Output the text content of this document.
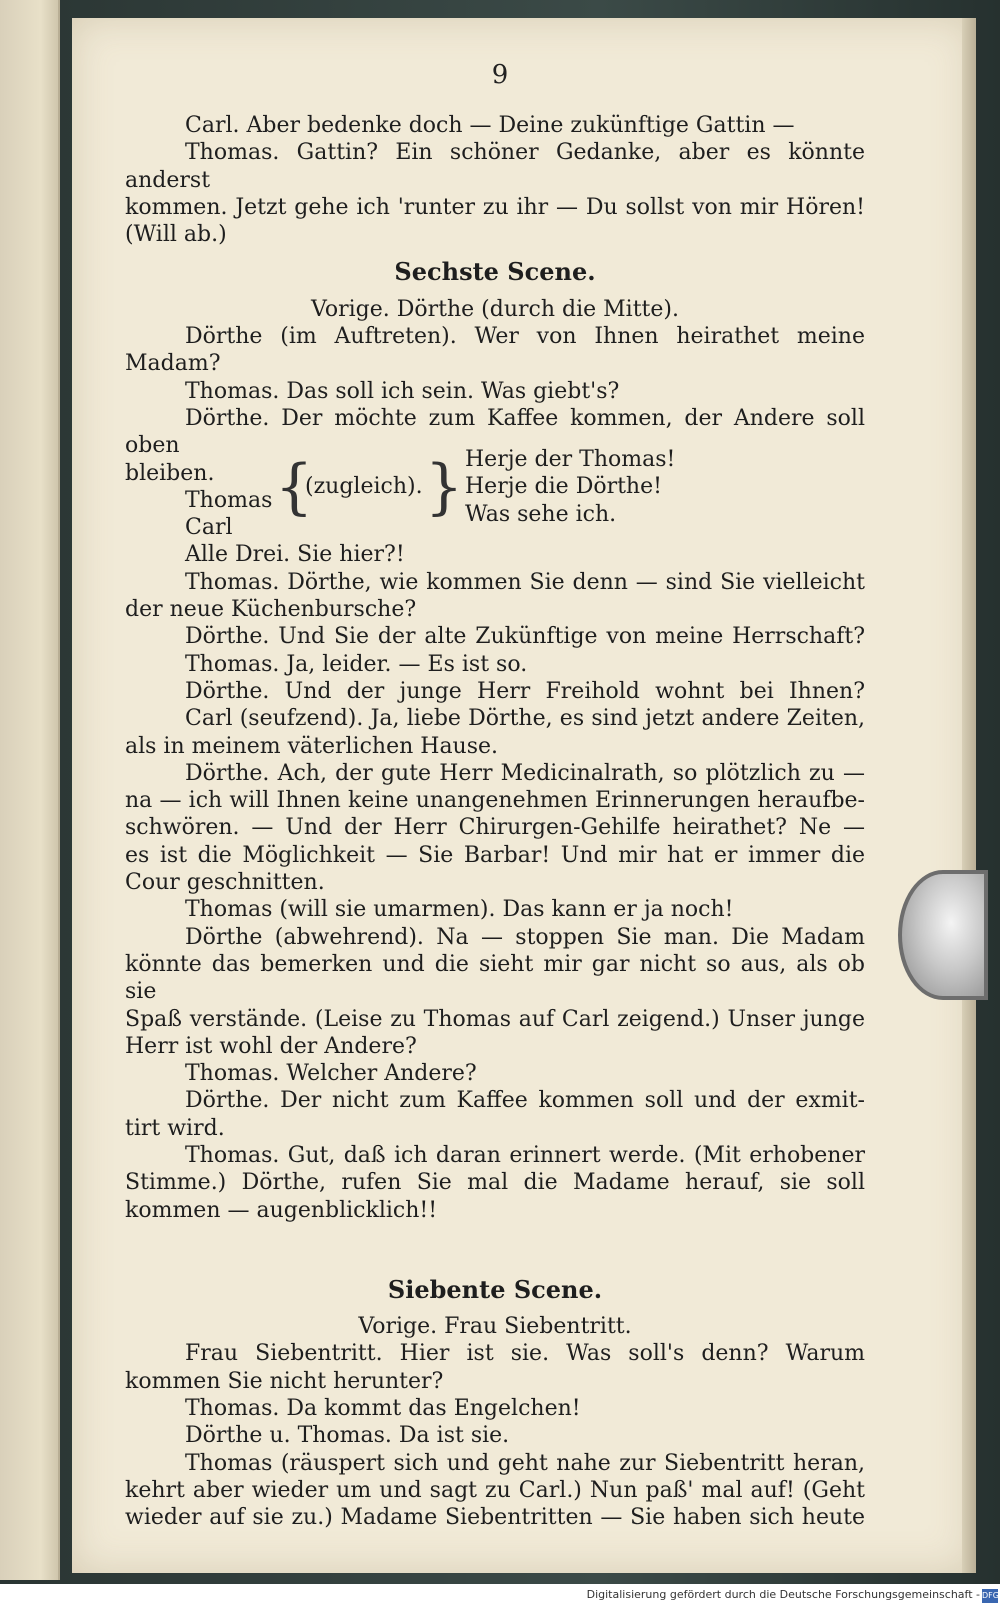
9

Carl. Aber bedenke doch — Deine zukünftige Gattin —

Thomas. Gattin? Ein schöner Gedanke, aber es könnte anderst

kommen. Jetzt gehe ich 'runter zu ihr — Du sollst von mir Hören!

(Will ab.)

Sechste Scene.

Vorige. Dörthe (durch die Mitte).

Dörthe (im Auftreten). Wer von Ihnen heirathet meine

Madam?

Thomas. Das soll ich sein. Was giebt's?

Dörthe. Der möchte zum Kaffee kommen, der Andere soll

oben bleiben.
Thomas
Carl
{
(zugleich). } Herje der Thomas!
Herje die Dörthe!
Was sehe ich.

Alle Drei. Sie hier?!

Thomas. Dörthe, wie kommen Sie denn — sind Sie vielleicht

der neue Küchenbursche?

Dörthe. Und Sie der alte Zukünftige von meine Herrschaft?

Thomas. Ja, leider. — Es ist so.

Dörthe. Und der junge Herr Freihold wohnt bei Ihnen?

Carl (seufzend). Ja, liebe Dörthe, es sind jetzt andere Zeiten,

als in meinem väterlichen Hause.

Dörthe. Ach, der gute Herr Medicinalrath, so plötzlich zu —

na — ich will Ihnen keine unangenehmen Erinnerungen heraufbe-

schwören. — Und der Herr Chirurgen-Gehilfe heirathet? Ne —

es ist die Möglichkeit — Sie Barbar! Und mir hat er immer die

Cour geschnitten.

Thomas (will sie umarmen). Das kann er ja noch!

Dörthe (abwehrend). Na — stoppen Sie man. Die Madam

könnte das bemerken und die sieht mir gar nicht so aus, als ob sie

Spaß verstände. (Leise zu Thomas auf Carl zeigend.) Unser junge

Herr ist wohl der Andere?

Thomas. Welcher Andere?

Dörthe. Der nicht zum Kaffee kommen soll und der exmit-

tirt wird.

Thomas. Gut, daß ich daran erinnert werde. (Mit erhobener

Stimme.) Dörthe, rufen Sie mal die Madame herauf, sie soll

kommen — augenblicklich!!

Siebente Scene.

Vorige. Frau Siebentritt.

Frau Siebentritt. Hier ist sie. Was soll's denn? Warum

kommen Sie nicht herunter?

Thomas. Da kommt das Engelchen!

Dörthe u. Thomas. Da ist sie.

Thomas (räuspert sich und geht nahe zur Siebentritt heran,

kehrt aber wieder um und sagt zu Carl.) Nun paß' mal auf! (Geht

wieder auf sie zu.) Madame Siebentritten — Sie haben sich heute

Digitalisierung gefördert durch die Deutsche Forschungsgemeinschaft - DFG
